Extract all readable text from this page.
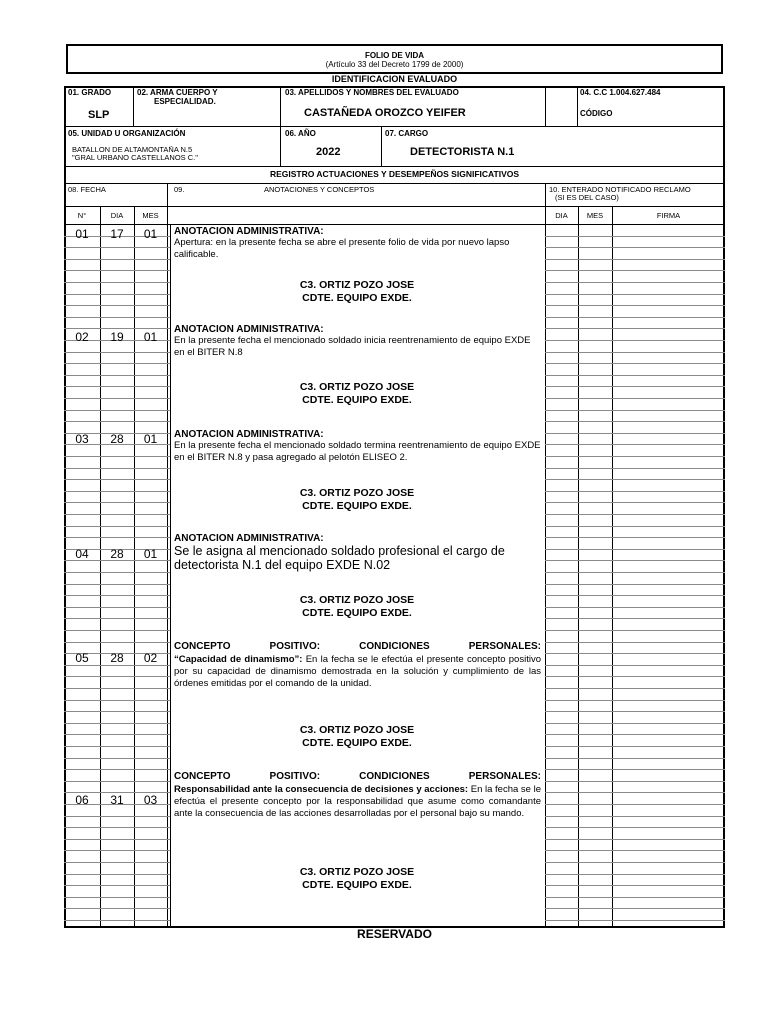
FOLIO DE VIDA
(Artículo 33 del Decreto 1799 de 2000)
IDENTIFICACION EVALUADO
01. GRADO
SLP
02. ARMA CUERPO Y
ESPECIALIDAD.
03. APELLIDOS Y NOMBRES DEL EVALUADO
CASTAÑEDA OROZCO YEIFER
04. C.C 1.004.627.484
CÓDIGO
05. UNIDAD U ORGANIZACIÓN
BATALLON DE ALTAMONTAÑA N.5
"GRAL URBANO CASTELLANOS C."
06. AÑO
2022
07. CARGO
DETECTORISTA N.1
REGISTRO ACTUACIONES Y DESEMPEÑOS SIGNIFICATIVOS
08. FECHA	09.	ANOTACIONES Y CONCEPTOS	10. ENTERADO NOTIFICADO RECLAMO
(SI ES DEL CASO)
N°	DIA	MES	DIA	MES	FIRMA
01	17	01	ANOTACION ADMINISTRATIVA:
Apertura: en la presente fecha se abre el presente folio de vida por nuevo lapso calificable.
C3. ORTIZ POZO JOSE
CDTE. EQUIPO EXDE.
02	19	01
ANOTACION ADMINISTRATIVA:
En la presente fecha el mencionado soldado inicia reentrenamiento de equipo EXDE en el BITER N.8
C3. ORTIZ POZO JOSE
CDTE. EQUIPO EXDE.
03	28	01	ANOTACION ADMINISTRATIVA:
En la presente fecha el mencionado soldado termina reentrenamiento de equipo EXDE en el BITER N.8 y pasa agregado al pelotón ELISEO 2.
C3. ORTIZ POZO JOSE
CDTE. EQUIPO EXDE.
04	28	01
ANOTACION ADMINISTRATIVA:
Se le asigna al mencionado soldado profesional el cargo de detectorista N.1 del equipo EXDE N.02
C3. ORTIZ POZO JOSE
CDTE. EQUIPO EXDE.
05	28	02
CONCEPTO POSITIVO: CONDICIONES PERSONALES:
“Capacidad de dinamismo”: En la fecha se le efectúa el presente concepto positivo por su capacidad de dinamismo demostrada en la solución y cumplimiento de las órdenes emitidas por el comando de la unidad.
C3. ORTIZ POZO JOSE
CDTE. EQUIPO EXDE.
06	31	03
CONCEPTO POSITIVO: CONDICIONES PERSONALES:
Responsabilidad ante la consecuencia de decisiones y acciones: En la fecha se le efectúa el presente concepto por la responsabilidad que asume como comandante ante la consecuencia de las acciones desarrolladas por el personal bajo su mando.
C3. ORTIZ POZO JOSE
CDTE. EQUIPO EXDE.
RESERVADO
